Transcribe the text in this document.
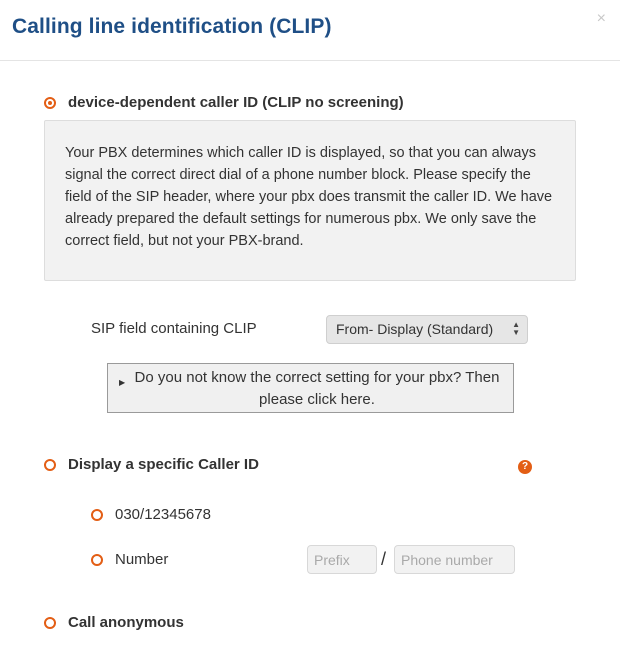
Calling line identification (CLIP)	×
device-dependent caller ID (CLIP no screening)
Your PBX determines which caller ID is displayed, so that you can always signal the correct direct dial of a phone number block. Please specify the field of the SIP header, where your pbx does transmit the caller ID. We have already prepared the default settings for numerous pbx. We only save the correct field, but not your PBX-brand.
SIP field containing CLIP	From- Display (Standard) ▲
▼
▶ Do you not know the correct setting for your pbx? Then please click here.
Display a specific Caller ID	?
030/12345678
Number	Prefix	/	Phone number
Call anonymous
